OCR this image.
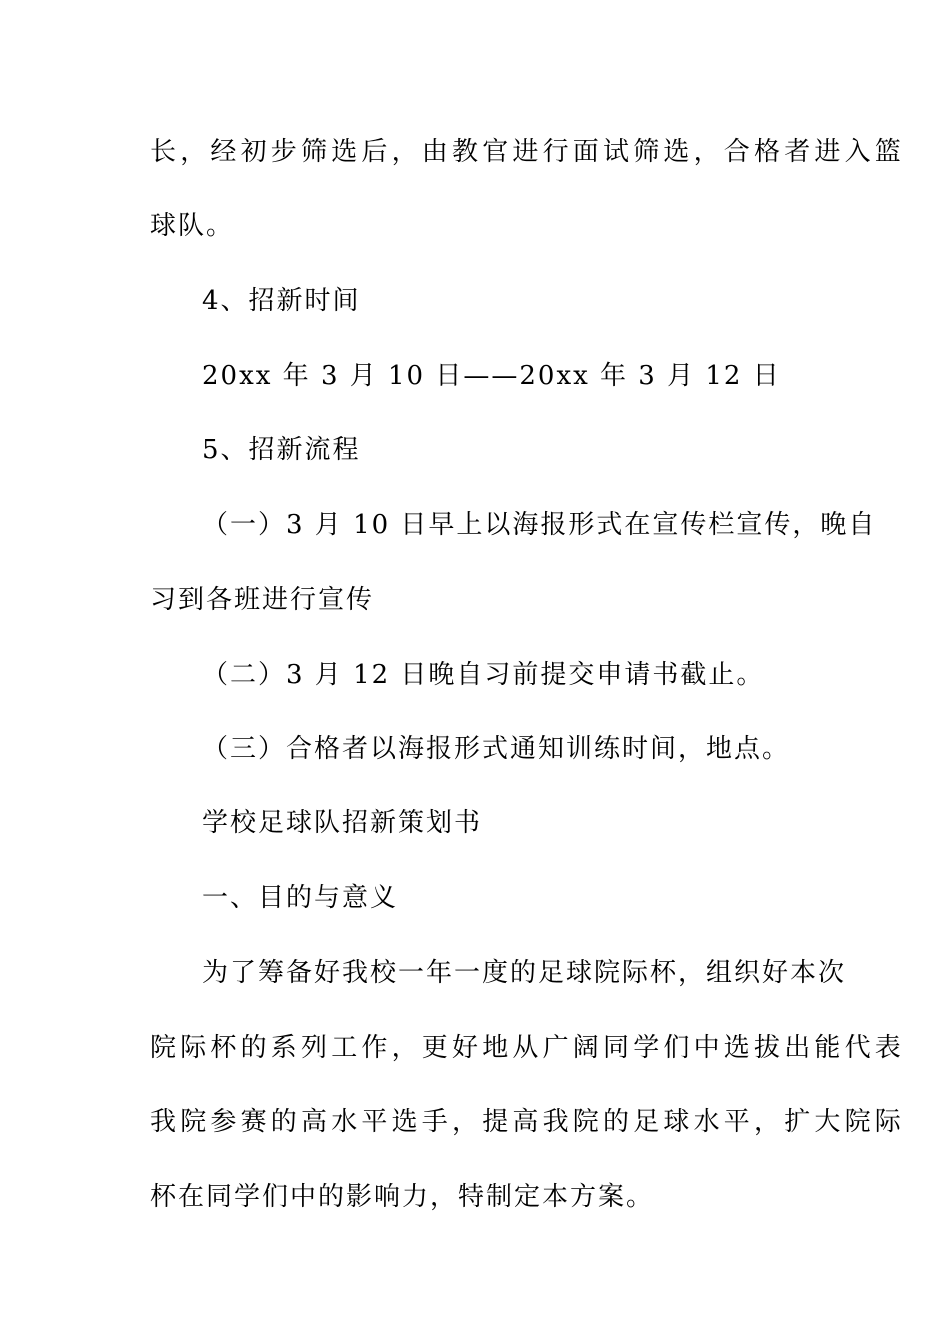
长，经初步筛选后，由教官进行面试筛选，合格者进入篮
球队。
4、招新时间
20xx 年 3 月 10 日——20xx 年 3 月 12 日
5、招新流程
（一）3 月 10 日早上以海报形式在宣传栏宣传，晚自
习到各班进行宣传
（二）3 月 12 日晚自习前提交申请书截止。
（三）合格者以海报形式通知训练时间，地点。
学校足球队招新策划书
一、目的与意义
为了筹备好我校一年一度的足球院际杯，组织好本次
院际杯的系列工作，更好地从广阔同学们中选拔出能代表
我院参赛的高水平选手，提高我院的足球水平，扩大院际
杯在同学们中的影响力，特制定本方案。
